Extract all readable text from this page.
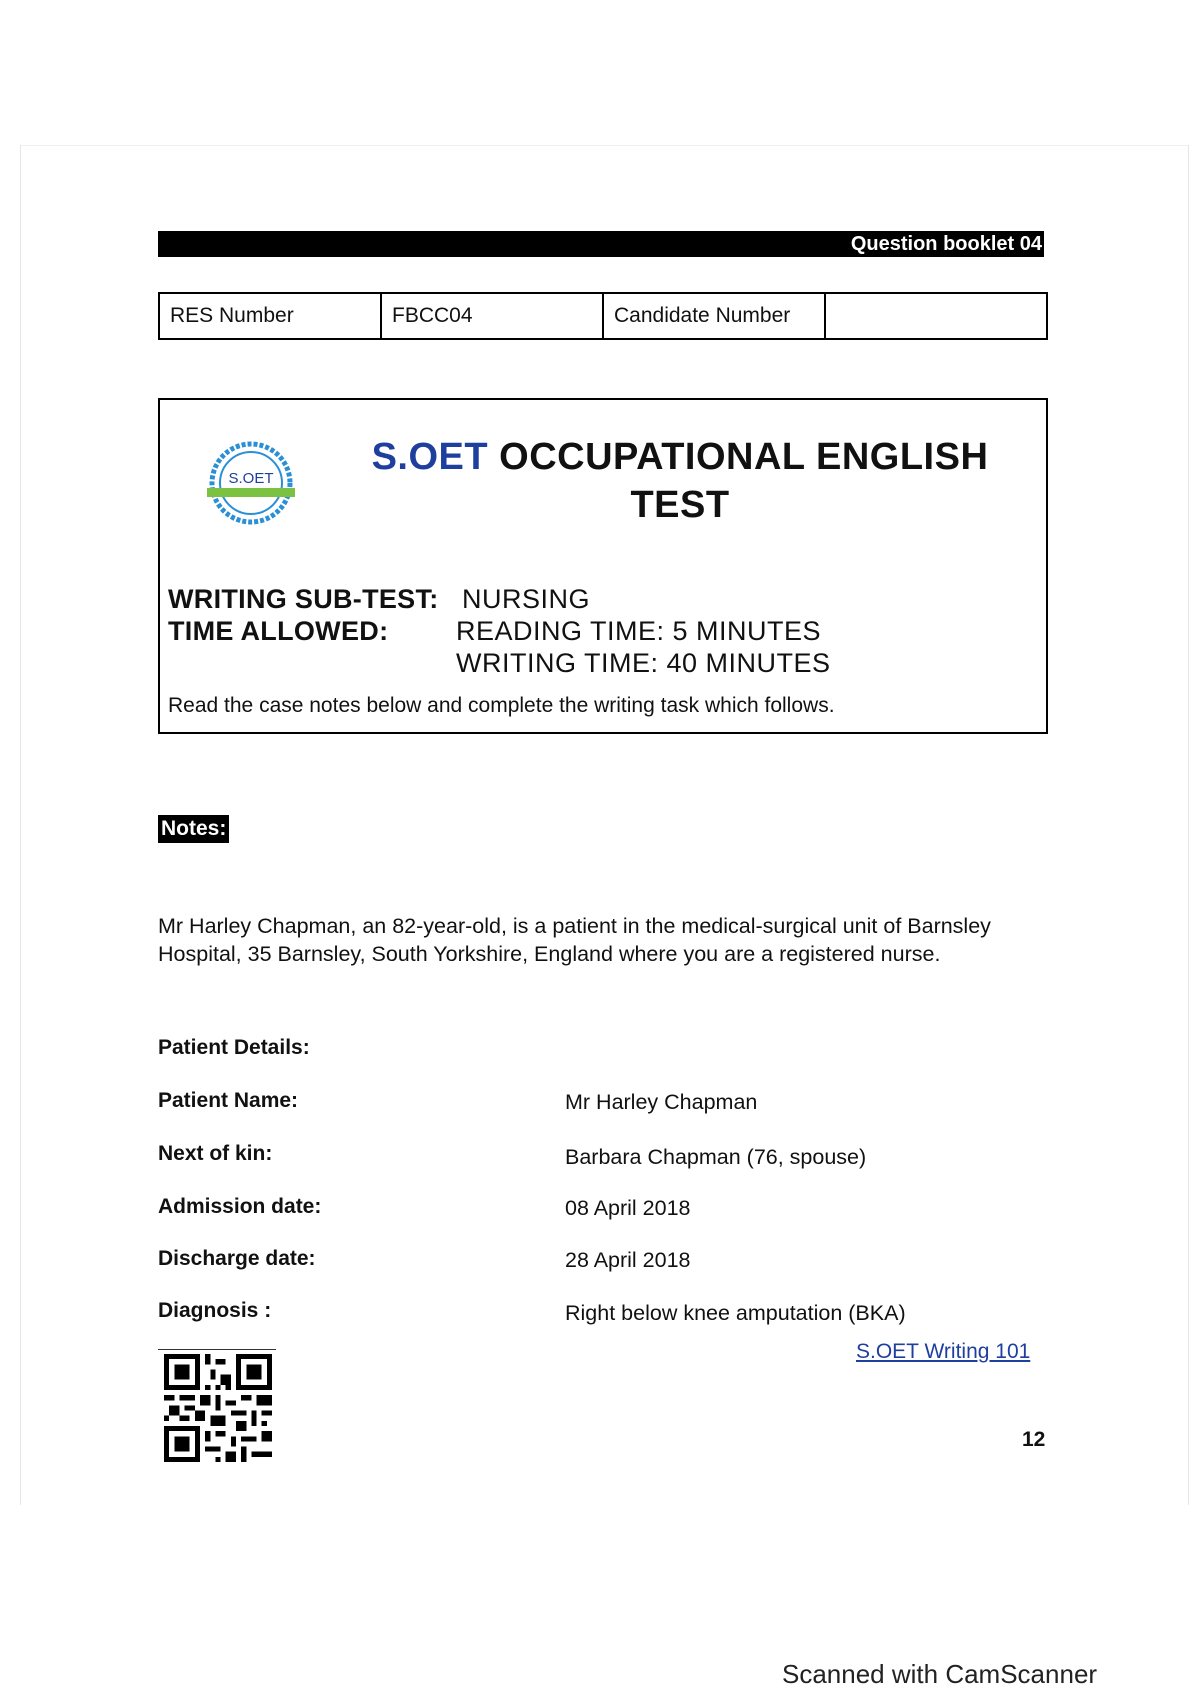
Question booklet 04
RES Number	FBCC04	Candidate Number
S.OET
S.OET OCCUPATIONAL ENGLISH
TEST
WRITING SUB-TEST: NURSING
TIME ALLOWED:	READING TIME: 5 MINUTES
WRITING TIME: 40 MINUTES
Read the case notes below and complete the writing task which follows.
Notes:
Mr Harley Chapman, an 82-year-old, is a patient in the medical-surgical unit of Barnsley
Hospital, 35 Barnsley, South Yorkshire, England where you are a registered nurse.
Patient Details:
Patient Name:	Mr Harley Chapman
Next of kin:	Barbara Chapman (76, spouse)
Admission date:	08 April 2018
Discharge date:	28 April 2018
Diagnosis :	Right below knee amputation (BKA)
S.OET Writing 101
12
Scanned with CamScanner
